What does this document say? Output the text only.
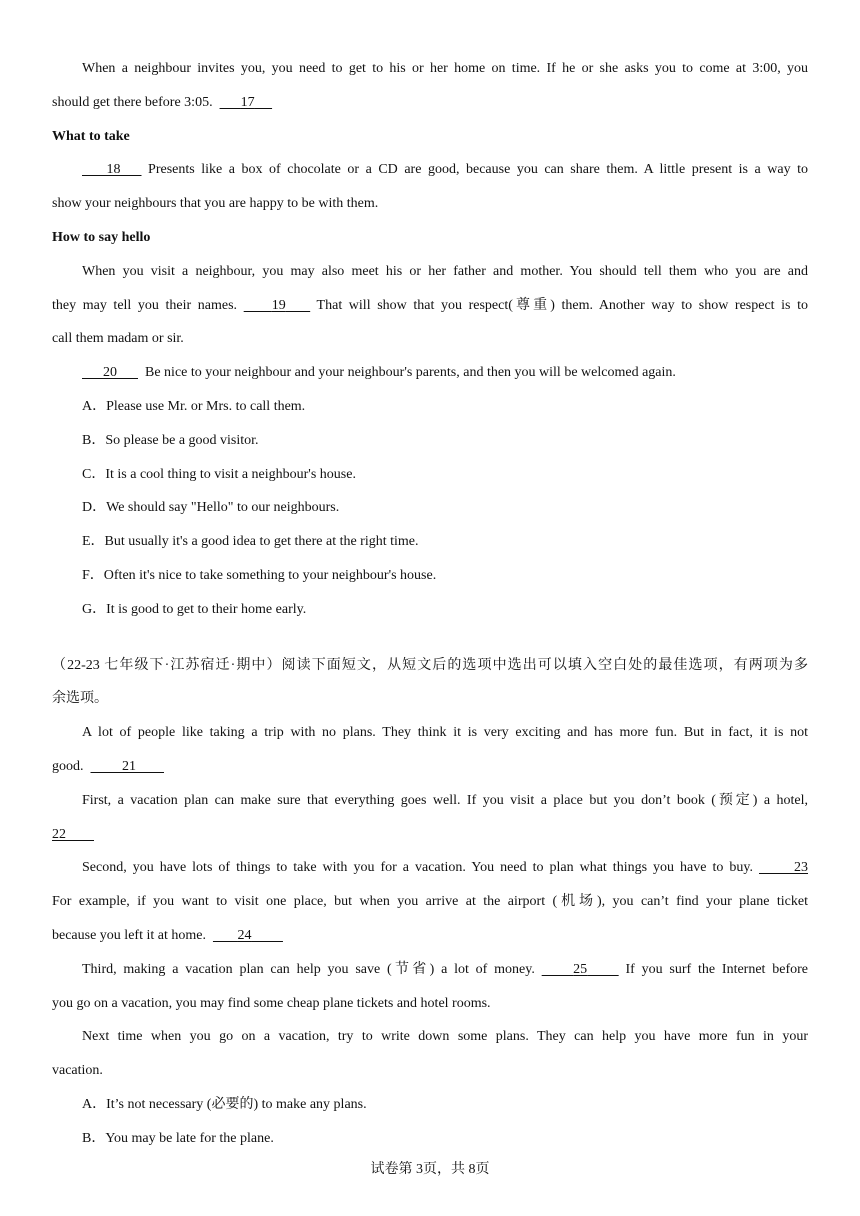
When a neighbour invites you, you need to get to his or her home on time. If he or she asks you to come at 3:00, you
should get there before 3:05. 17
What to take
18 Presents like a box of chocolate or a CD are good, because you can share them. A little present is a way to
show your neighbours that you are happy to be with them.
How to say hello
When you visit a neighbour, you may also meet his or her father and mother. You should tell them who you are and
they may tell you their names. 19 That will show that you respect(尊重) them. Another way to show respect is to
call them madam or sir.
20 Be nice to your neighbour and your neighbour's parents, and then you will be welcomed again.
A．Please use Mr. or Mrs. to call them.
B．So please be a good visitor.
C．It is a cool thing to visit a neighbour's house.
D．We should say "Hello" to our neighbours.
E．But usually it's a good idea to get there at the right time.
F．Often it's nice to take something to your neighbour's house.
G．It is good to get to their home early.
（22-23 七年级下·江苏宿迁·期中）阅读下面短文，从短文后的选项中选出可以填入空白处的最佳选项，有两项为多
余选项。
A lot of people like taking a trip with no plans. They think it is very exciting and has more fun. But in fact, it is not
good.	21
First, a vacation plan can make sure that everything goes well. If you visit a place but you don’t book (预定) a hotel,
22
Second, you have lots of things to take with you for a vacation. You need to plan what things you have to buy.	23
For example, if you want to visit one place, but when you arrive at the airport (机场), you can’t find your plane ticket
because you left it at home. 24
Third, making a vacation plan can help you save (节省) a lot of money.	25	If you surf the Internet before
you go on a vacation, you may find some cheap plane tickets and hotel rooms.
Next time when you go on a vacation, try to write down some plans. They can help you have more fun in your
vacation.
A．It’s not necessary (必要的) to make any plans.
B．You may be late for the plane.
试卷第 3页，共 8页
